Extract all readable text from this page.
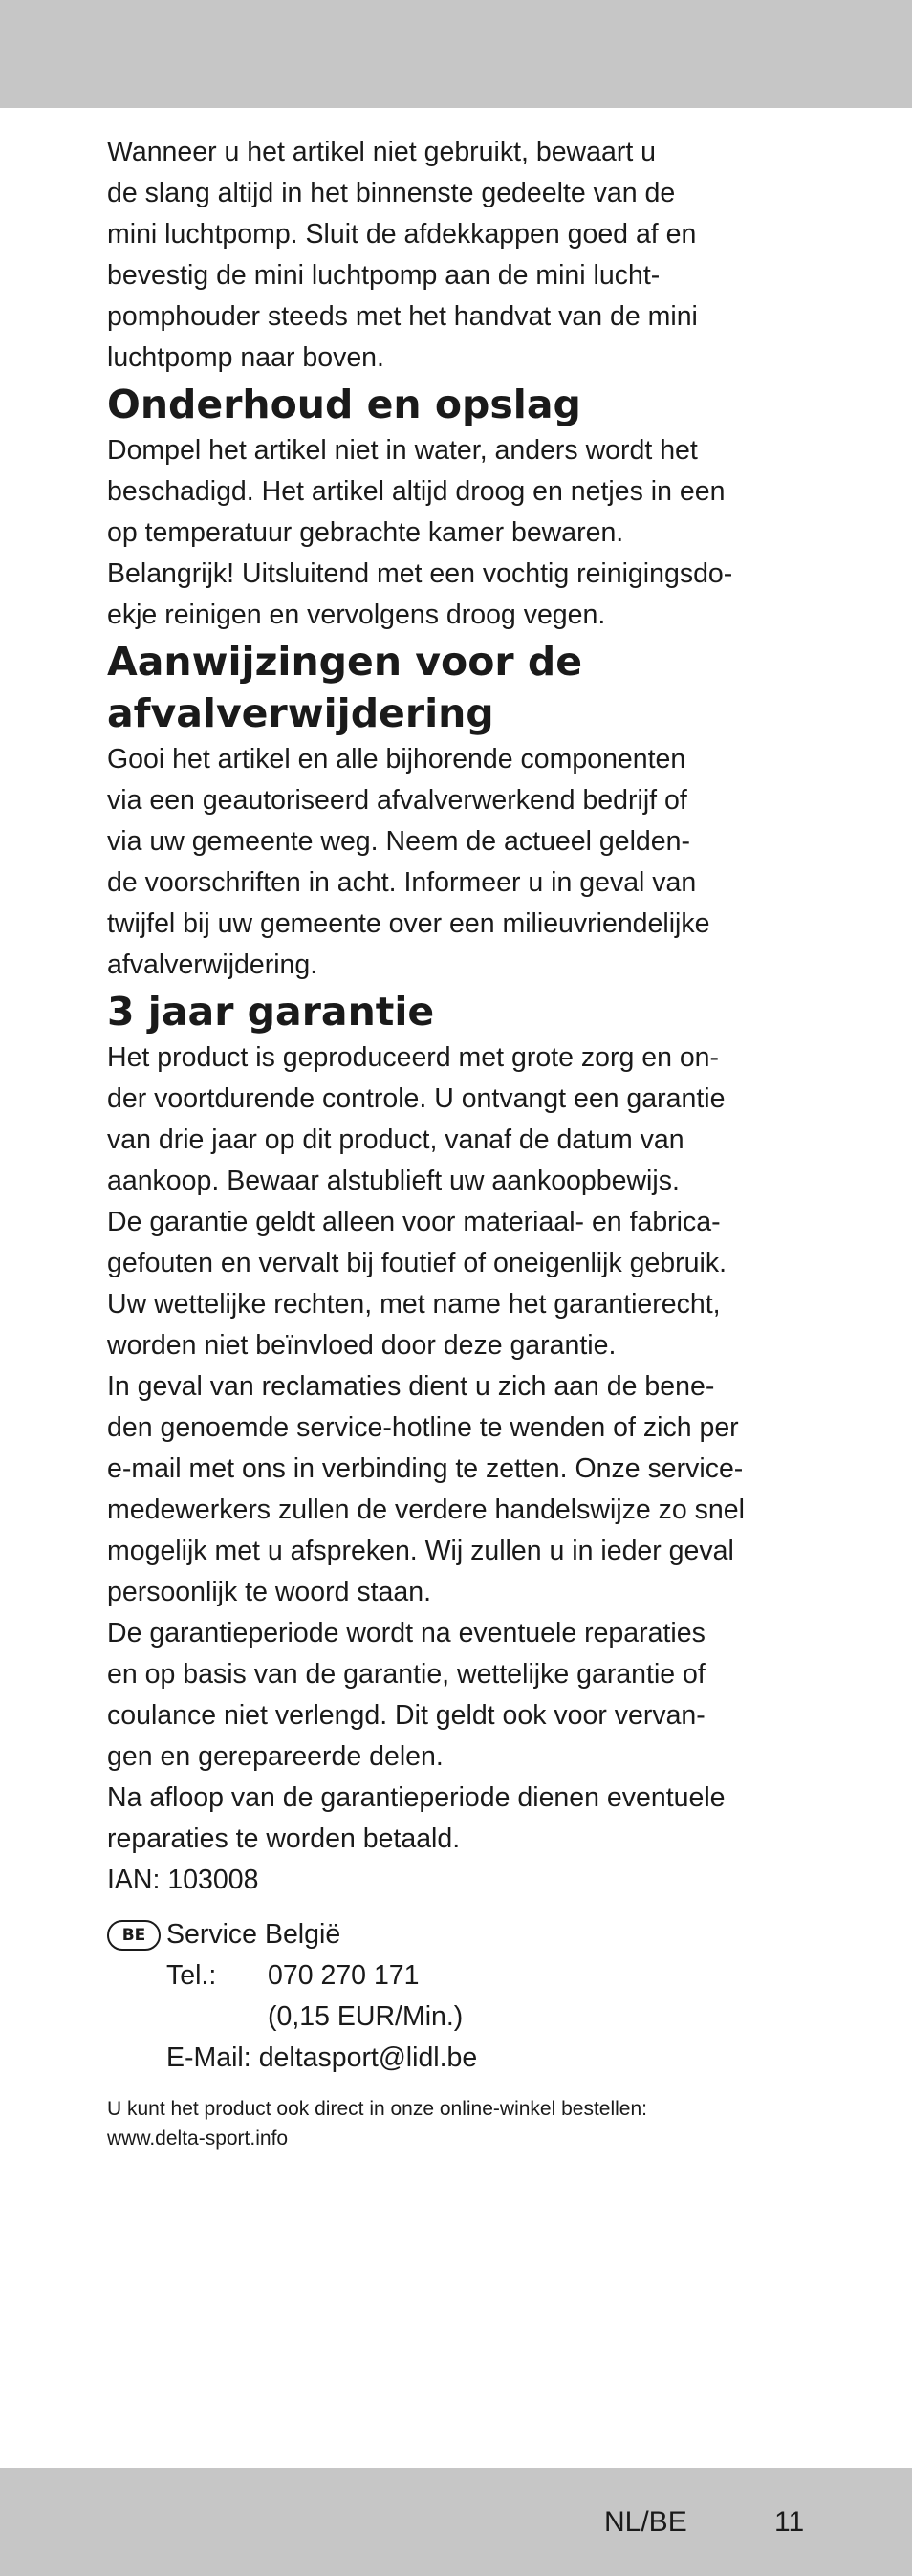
Wanneer u het artikel niet gebruikt, bewaart u
de slang altijd in het binnenste gedeelte van de
mini luchtpomp. Sluit de afdekkappen goed af en
bevestig de mini luchtpomp aan de mini lucht-
pomphouder steeds met het handvat van de mini
luchtpomp naar boven.

Onderhoud en opslag

Dompel het artikel niet in water, anders wordt het
beschadigd. Het artikel altijd droog en netjes in een
op temperatuur gebrachte kamer bewaren.
Belangrijk! Uitsluitend met een vochtig reinigingsdo-
ekje reinigen en vervolgens droog vegen.

Aanwijzingen voor de
afvalverwijdering

Gooi het artikel en alle bijhorende componenten
via een geautoriseerd afvalverwerkend bedrijf of
via uw gemeente weg. Neem de actueel gelden-
de voorschriften in acht. Informeer u in geval van
twijfel bij uw gemeente over een milieuvriendelijke
afvalverwijdering.

3 jaar garantie

Het product is geproduceerd met grote zorg en on-
der voortdurende controle. U ontvangt een garantie
van drie jaar op dit product, vanaf de datum van
aankoop. Bewaar alstublieft uw aankoopbewijs.
De garantie geldt alleen voor materiaal- en fabrica-
gefouten en vervalt bij foutief of oneigenlijk gebruik.
Uw wettelijke rechten, met name het garantierecht,
worden niet beïnvloed door deze garantie.
In geval van reclamaties dient u zich aan de bene-
den genoemde service-hotline te wenden of zich per
e-mail met ons in verbinding te zetten. Onze service-
medewerkers zullen de verdere handelswijze zo snel
mogelijk met u afspreken. Wij zullen u in ieder geval
persoonlijk te woord staan.
De garantieperiode wordt na eventuele reparaties
en op basis van de garantie, wettelijke garantie of
coulance niet verlengd. Dit geldt ook voor vervan-
gen en gerepareerde delen.
Na afloop van de garantieperiode dienen eventuele
reparaties te worden betaald.

IAN: 103008

BE Service België
Tel.:	070 270 171
(0,15 EUR/Min.)
E-Mail: deltasport@lidl.be

U kunt het product ook direct in onze online-winkel bestellen:
www.delta-sport.info

NL/BE	11
